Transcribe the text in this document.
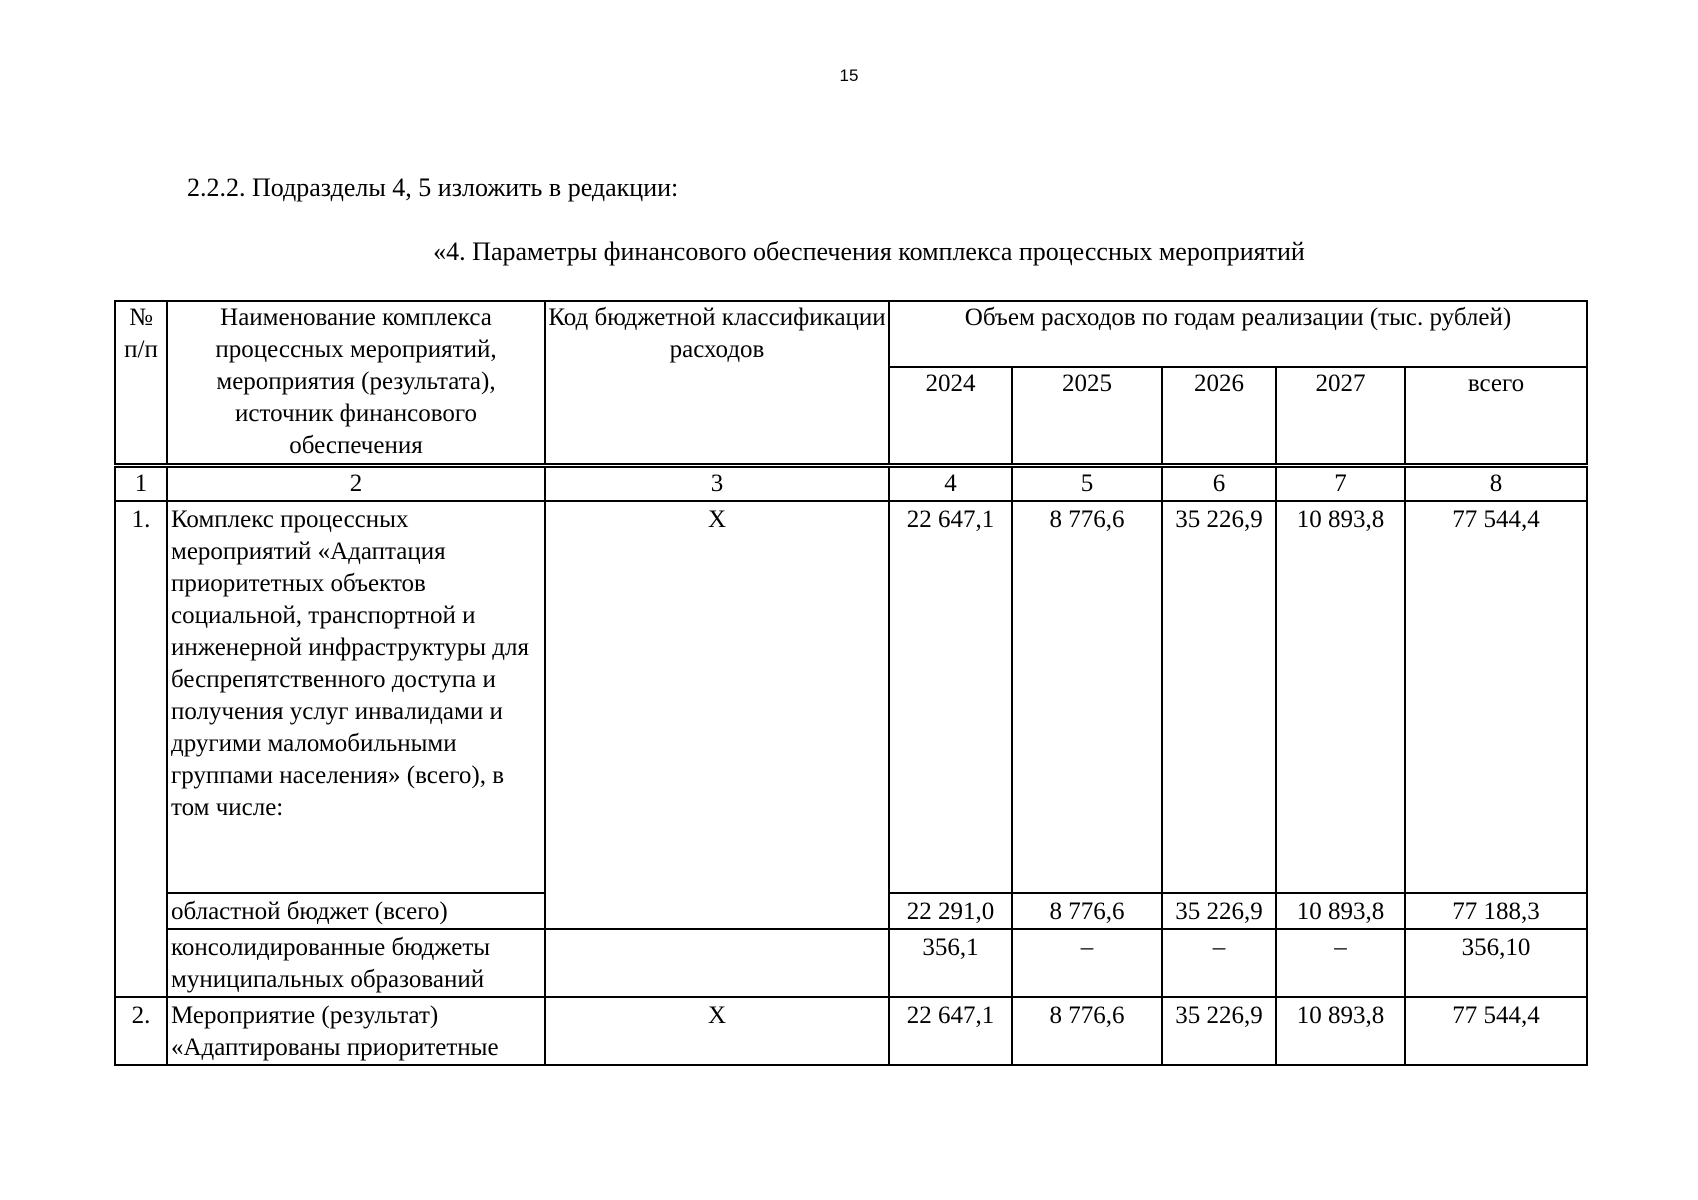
15
2.2.2. Подразделы 4, 5 изложить в редакции:
«4. Параметры финансового обеспечения комплекса процессных мероприятий
№ п/п	Наименование комплекса процессных мероприятий, мероприятия (результата), источник финансового обеспечения	Код бюджетной классификации расходов	Объем расходов по годам реализации (тыс. рублей)				
			2024	2025	2026	2027	всего
1	2	3	4	5	6	7	8
1.	Комплекс процессных мероприятий «Адаптация приоритетных объектов социальной, транспортной и инженерной инфраструктуры для беспрепятственного доступа и получения услуг инвалидами и другими маломобильными группами населения» (всего), в том числе:	Х	22 647,1	8 776,6	35 226,9	10 893,8	77 544,4
	областной бюджет (всего)		22 291,0	8 776,6	35 226,9	10 893,8	77 188,3
	консолидированные бюджеты муниципальных образований		356,1	–	–	–	356,10
2.	Мероприятие (результат) «Адаптированы приоритетные	Х	22 647,1	8 776,6	35 226,9	10 893,8	77 544,4
